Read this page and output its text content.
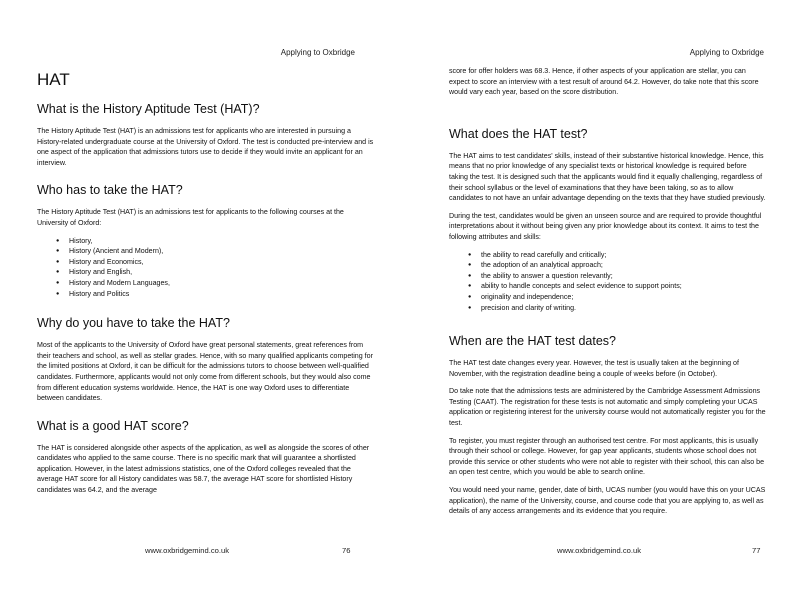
Applying to Oxbridge
HAT
What is the History Aptitude Test (HAT)?

The History Aptitude Test (HAT) is an admissions test for applicants who are interested in pursuing a History-related undergraduate course at the University of Oxford. The test is conducted pre-interview and is one aspect of the application that admissions tutors use to decide if they would invite an applicant for an interview.

Who has to take the HAT?

The History Aptitude Test (HAT) is an admissions test for applicants to the following courses at the University of Oxford:

● History,
● History (Ancient and Modern),
● History and Economics,
● History and English,
● History and Modern Languages,
● History and Politics
Why do you have to take the HAT?

Most of the applicants to the University of Oxford have great personal statements, great references from their teachers and school, as well as stellar grades. Hence, with so many qualified applicants competing for the limited positions at Oxford, it can be difficult for the admissions tutors to choose between well-qualified candidates. Furthermore, applicants would not only come from different schools, but they would also come from different education systems worldwide. Hence, the HAT is one way Oxford uses to differentiate between candidates.

What is a good HAT score?

The HAT is considered alongside other aspects of the application, as well as alongside the scores of other candidates who applied to the same course. There is no specific mark that will guarantee a shortlisted application. However, in the latest admissions statistics, one of the Oxford colleges revealed that the average HAT score for all History candidates was 58.7, the average HAT score for shortlisted History candidates was 64.2, and the average

www.oxbridgemind.co.uk	76
Applying to Oxbridge

score for offer holders was 68.3. Hence, if other aspects of your application are stellar, you can expect to score an interview with a test result of around 64.2. However, do take note that this score would vary each year, based on the score distribution.

What does the HAT test?

The HAT aims to test candidates' skills, instead of their substantive historical knowledge. Hence, this means that no prior knowledge of any specialist texts or historical knowledge is required before taking the test. It is designed such that the applicants would find it equally challenging, regardless of their school syllabus or the level of examinations that they have been taking, so as to allow candidates to not have an unfair advantage depending on the texts that they have studied previously.

During the test, candidates would be given an unseen source and are required to provide thoughtful interpretations about it without being given any prior knowledge about its context. It aims to test the following attributes and skills:

● the ability to read carefully and critically;
● the adoption of an analytical approach;
● the ability to answer a question relevantly;
● ability to handle concepts and select evidence to support points;
● originality and independence;
● precision and clarity of writing.
When are the HAT test dates?

The HAT test date changes every year. However, the test is usually taken at the beginning of November, with the registration deadline being a couple of weeks before (in October).

Do take note that the admissions tests are administered by the Cambridge Assessment Admissions Testing (CAAT). The registration for these tests is not automatic and simply completing your UCAS application or registering interest for the university course would not automatically register you for the test.

To register, you must register through an authorised test centre. For most applicants, this is usually through their school or college. However, for gap year applicants, students whose school does not provide this service or other students who were not able to register with their school, this can also be an open test centre, which you would be able to search online.

You would need your name, gender, date of birth, UCAS number (you would have this on your UCAS application), the name of the University, course, and course code that you are applying to, as well as details of any access arrangements and its evidence that you require.

www.oxbridgemind.co.uk	77
